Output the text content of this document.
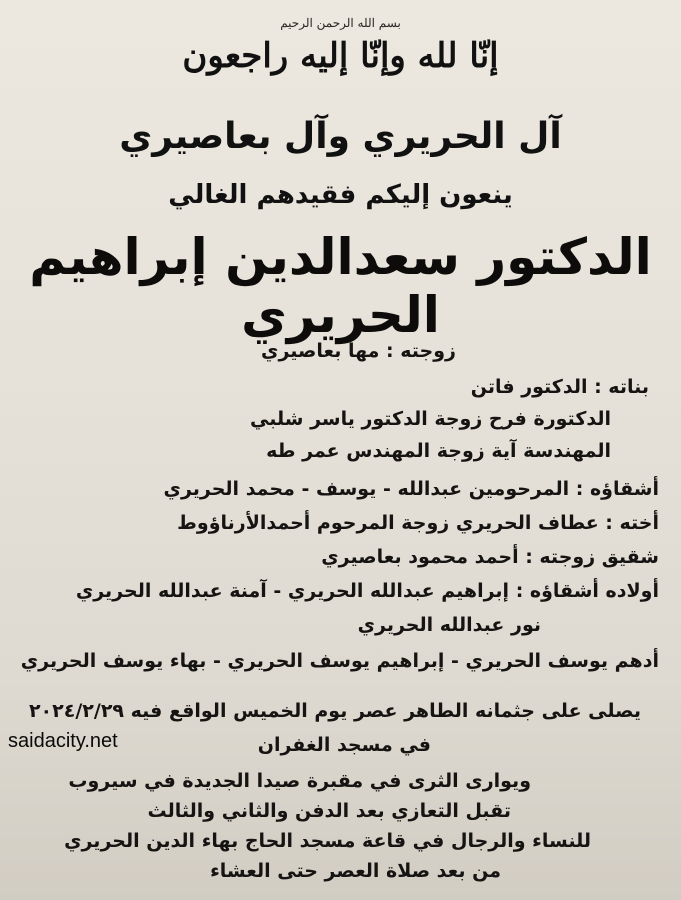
بسم الله الرحمن الرحيم
إنّا لله وإنّا إليه راجعون
آل الحريري وآل بعاصيري
ينعون إليكم فقيدهم الغالي
الدكتور سعدالدين إبراهيم الحريري
زوجته : مها بعاصيري
بناته : الدكتور فاتن
الدكتورة فرح زوجة الدكتور ياسر شلبي
المهندسة آية زوجة المهندس عمر طه
أشقاؤه : المرحومين عبدالله - يوسف - محمد الحريري
أخته : عطاف الحريري زوجة المرحوم أحمدالأرناؤوط
شقيق زوجته : أحمد محمود بعاصيري
أولاده أشقاؤه : إبراهيم عبدالله الحريري - آمنة عبدالله الحريري
نور عبدالله الحريري
أدهم يوسف الحريري - إبراهيم يوسف الحريري - بهاء يوسف الحريري
يصلى على جثمانه الطاهر عصر يوم الخميس الواقع فيه ٢٠٢٤/٢/٢٩
في مسجد الغفران
ويوارى الثرى في مقبرة صيدا الجديدة في سيروب
تقبل التعازي بعد الدفن والثاني والثالث
للنساء والرجال في قاعة مسجد الحاج بهاء الدين الحريري
من بعد صلاة العصر حتى العشاء
saidacity.net
